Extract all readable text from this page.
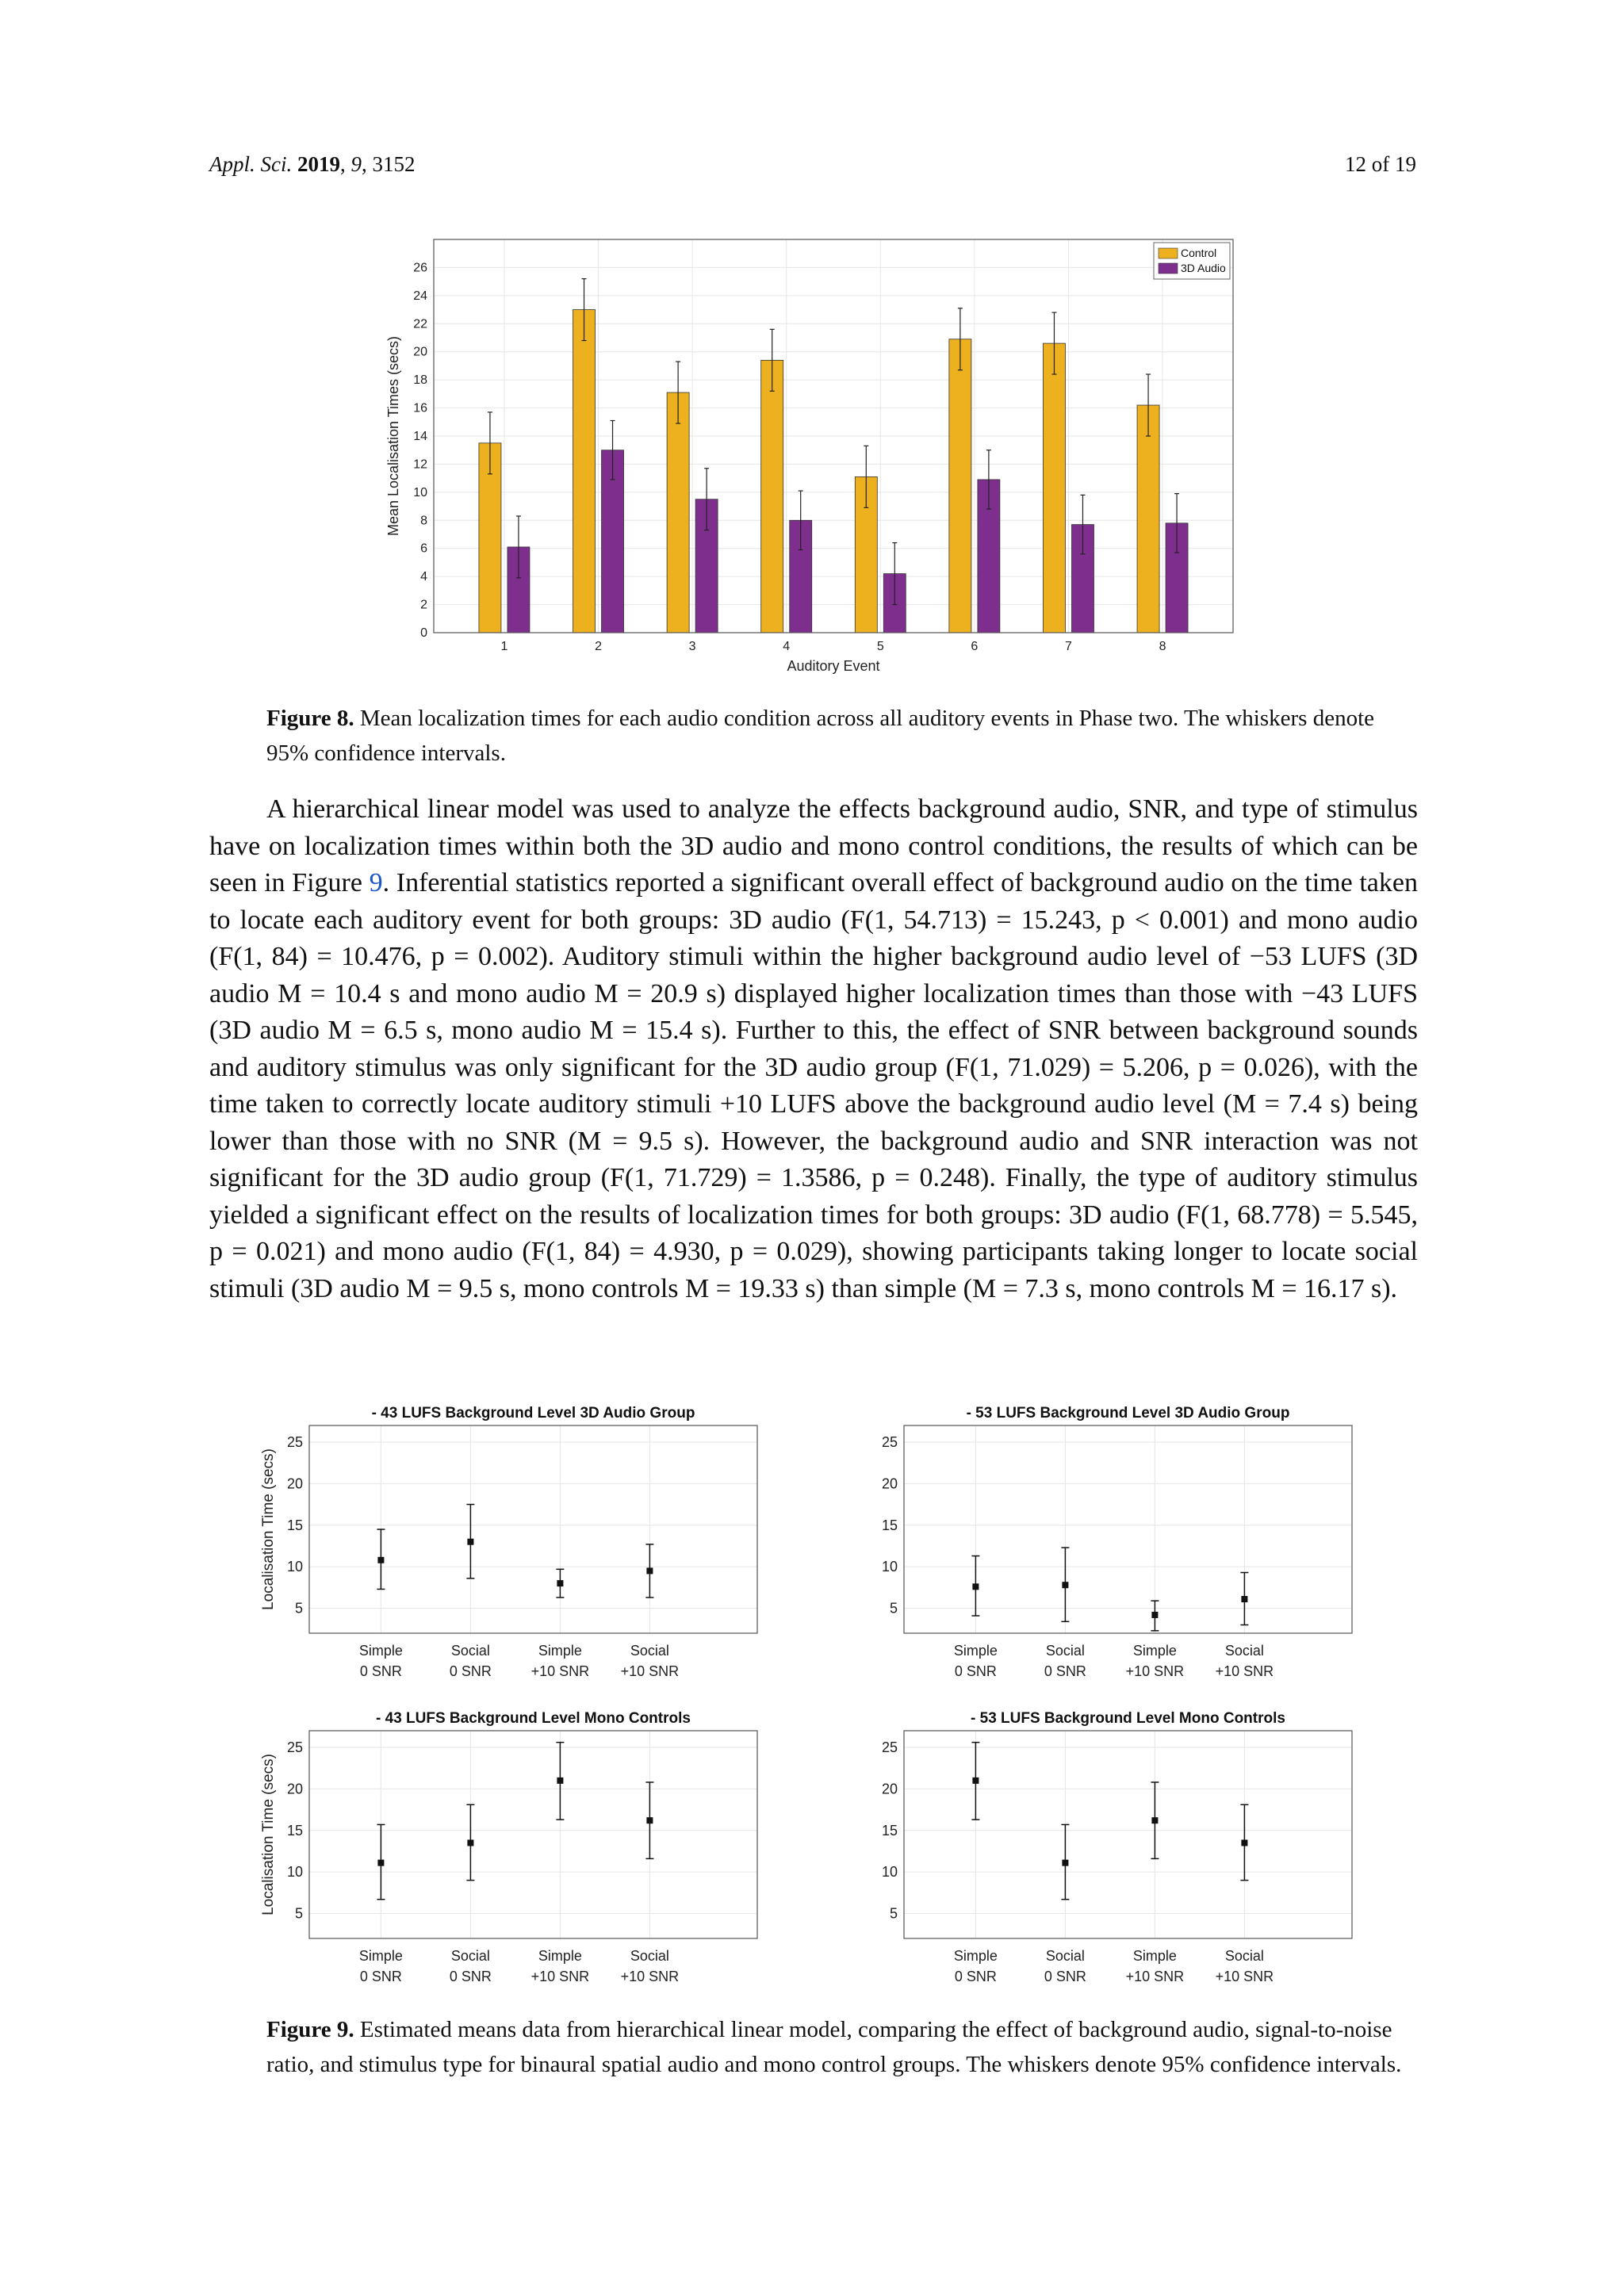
Appl. Sci. 2019, 9, 3152	12 of 19
0
2
4
6
8
10
12
14
16
18
20
22
24
26
1	2	3	4	5	6	7	8
Auditory Event
Mean Localisation Times (secs)
Control
3D Audio
Figure 8. Mean localization times for each audio condition across all auditory events in Phase two. The whiskers denote 95% confidence intervals.

A hierarchical linear model was used to analyze the effects background audio, SNR, and type of stimulus have on localization times within both the 3D audio and mono control conditions, the results of which can be seen in Figure 9. Inferential statistics reported a significant overall effect of background audio on the time taken to locate each auditory event for both groups: 3D audio (F(1, 54.713) = 15.243, p < 0.001) and mono audio (F(1, 84) = 10.476, p = 0.002). Auditory stimuli within the higher background audio level of −53 LUFS (3D audio M = 10.4 s and mono audio M = 20.9 s) displayed higher localization times than those with −43 LUFS (3D audio M = 6.5 s, mono audio M = 15.4 s). Further to this, the effect of SNR between background sounds and auditory stimulus was only significant for the 3D audio group (F(1, 71.029) = 5.206, p = 0.026), with the time taken to correctly locate auditory stimuli +10 LUFS above the background audio level (M = 7.4 s) being lower than those with no SNR (M = 9.5 s). However, the background audio and SNR interaction was not significant for the 3D audio group (F(1, 71.729) = 1.3586, p = 0.248). Finally, the type of auditory stimulus yielded a significant effect on the results of localization times for both groups: 3D audio (F(1, 68.778) = 5.545, p = 0.021) and mono audio (F(1, 84) = 4.930, p = 0.029), showing participants taking longer to locate social stimuli (3D audio M = 9.5 s, mono controls M = 19.33 s) than simple (M = 7.3 s, mono controls M = 16.17 s).

- 43 LUFS Background Level 3D Audio Group
5
10
15
20
25
Simple
0 SNR
Social
0 SNR
Simple
+10 SNR
Social
+10 SNR
Localisation Time (secs)
- 53 LUFS Background Level 3D Audio Group
5
10
15
20
25
Simple
0 SNR
Social
0 SNR
Simple
+10 SNR
Social
+10 SNR
- 43 LUFS Background Level Mono Controls
5
10
15
20
25
Simple
0 SNR
Social
0 SNR
Simple
+10 SNR
Social
+10 SNR
Localisation Time (secs)
- 53 LUFS Background Level Mono Controls
5
10
15
20
25
Simple
0 SNR
Social
0 SNR
Simple
+10 SNR
Social
+10 SNR
Figure 9. Estimated means data from hierarchical linear model, comparing the effect of background audio, signal-to-noise ratio, and stimulus type for binaural spatial audio and mono control groups. The whiskers denote 95% confidence intervals.
